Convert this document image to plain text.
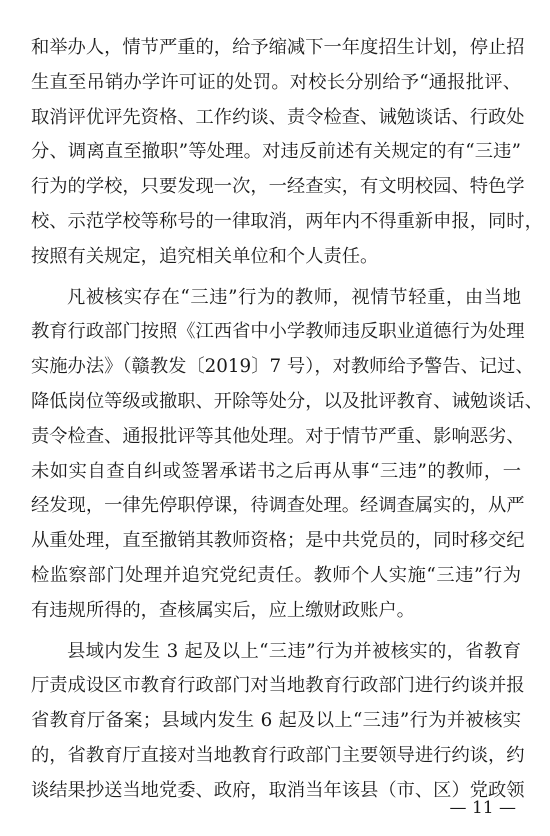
和举办人，情节严重的，给予缩减下一年度招生计划，停止招
生直至吊销办学许可证的处罚。对校长分别给予“通报批评、
取消评优评先资格、工作约谈、责令检查、诫勉谈话、行政处
分、调离直至撤职”等处理。对违反前述有关规定的有“三违”
行为的学校，只要发现一次，一经查实，有文明校园、特色学
校、示范学校等称号的一律取消，两年内不得重新申报，同时，
按照有关规定，追究相关单位和个人责任。
凡被核实存在“三违”行为的教师，视情节轻重，由当地
教育行政部门按照《江西省中小学教师违反职业道德行为处理
实施办法》（赣教发〔2019〕7 号），对教师给予警告、记过、
降低岗位等级或撤职、开除等处分，以及批评教育、诫勉谈话、
责令检查、通报批评等其他处理。对于情节严重、影响恶劣、
未如实自查自纠或签署承诺书之后再从事“三违”的教师，一
经发现，一律先停职停课，待调查处理。经调查属实的，从严
从重处理，直至撤销其教师资格；是中共党员的，同时移交纪
检监察部门处理并追究党纪责任。教师个人实施“三违”行为
有违规所得的，查核属实后，应上缴财政账户。
县域内发生 3 起及以上“三违”行为并被核实的，省教育
厅责成设区市教育行政部门对当地教育行政部门进行约谈并报
省教育厅备案；县域内发生 6 起及以上“三违”行为并被核实
的，省教育厅直接对当地教育行政部门主要领导进行约谈，约
谈结果抄送当地党委、政府，取消当年该县（市、区）党政领
— 11 —
